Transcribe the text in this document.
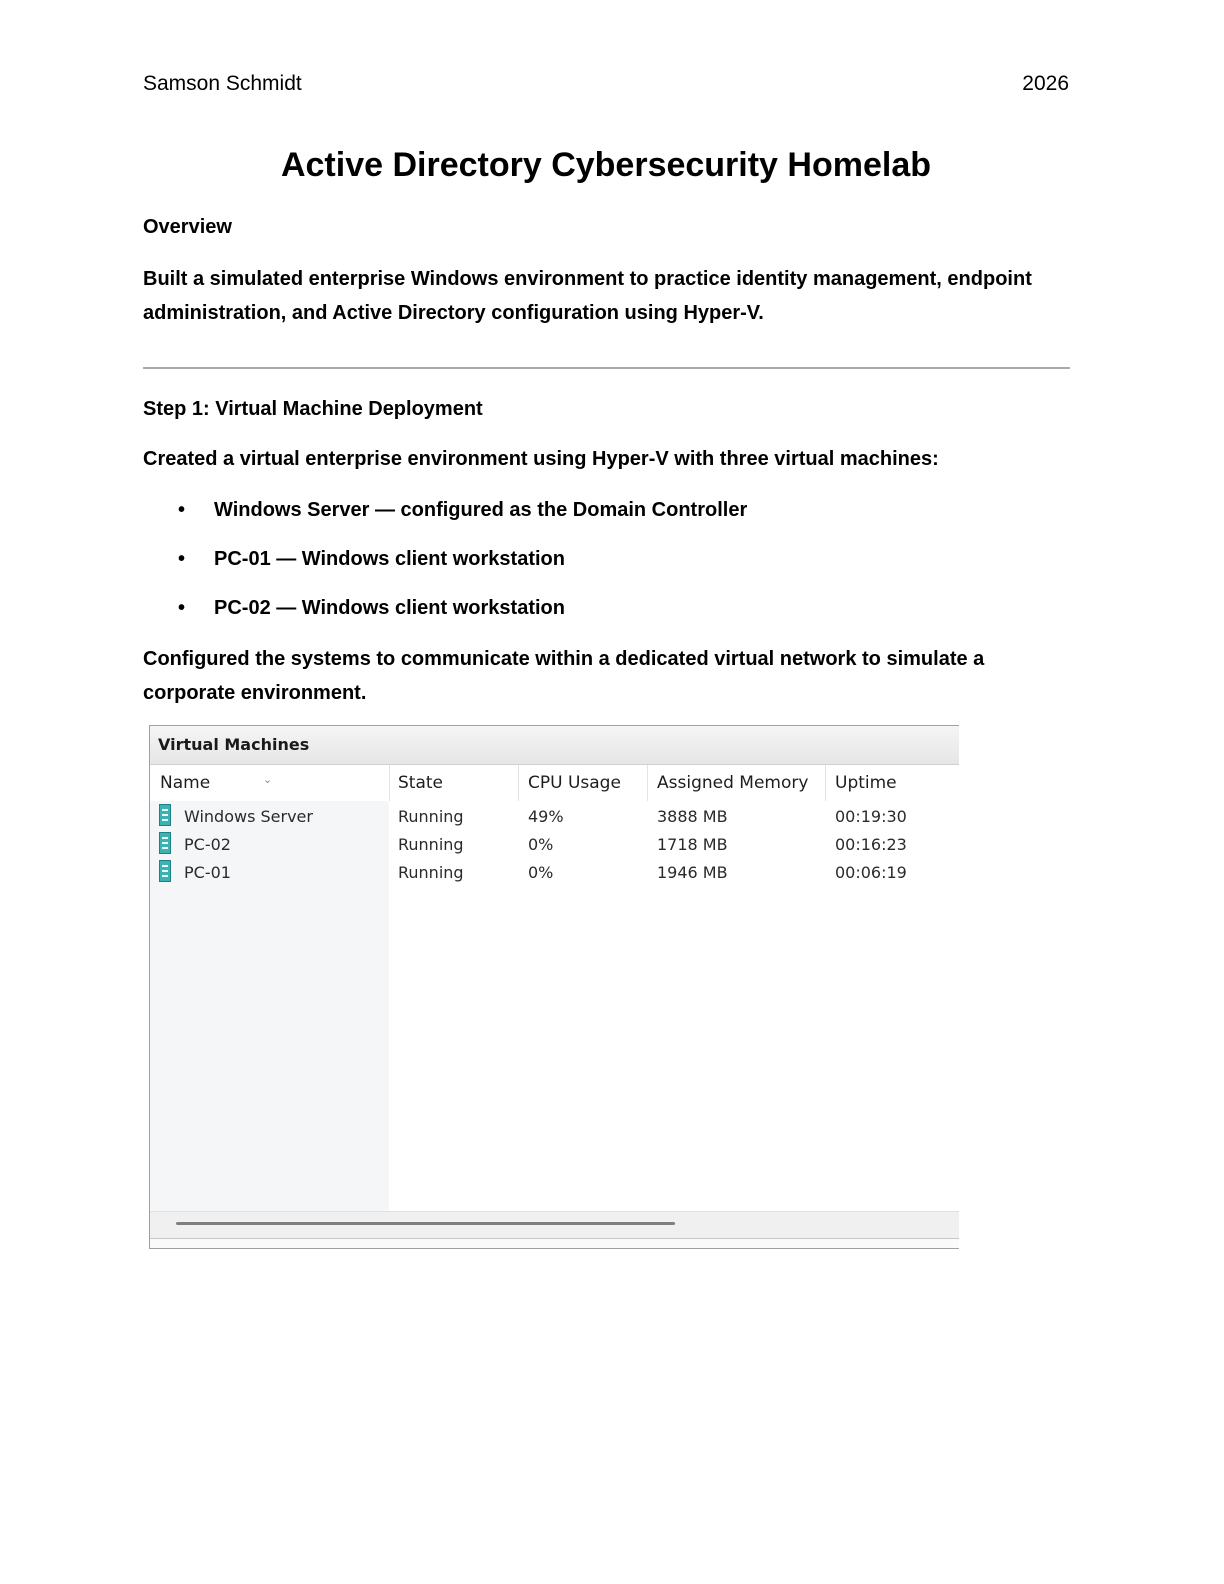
Samson Schmidt	2026
Active Directory Cybersecurity Homelab
Overview
Built a simulated enterprise Windows environment to practice identity management, endpoint administration, and Active Directory configuration using Hyper-V.
Step 1: Virtual Machine Deployment
Created a virtual enterprise environment using Hyper-V with three virtual machines:
• Windows Server — configured as the Domain Controller
• PC-01 — Windows client workstation
• PC-02 — Windows client workstation
Configured the systems to communicate within a dedicated virtual network to simulate a corporate environment.
Virtual Machines
Name	⌄	State	CPU Usage	Assigned Memory	Uptime
Windows Server	Running	49%	3888 MB	00:19:30
PC-02	Running	0%	1718 MB	00:16:23
PC-01	Running	0%	1946 MB	00:06:19
